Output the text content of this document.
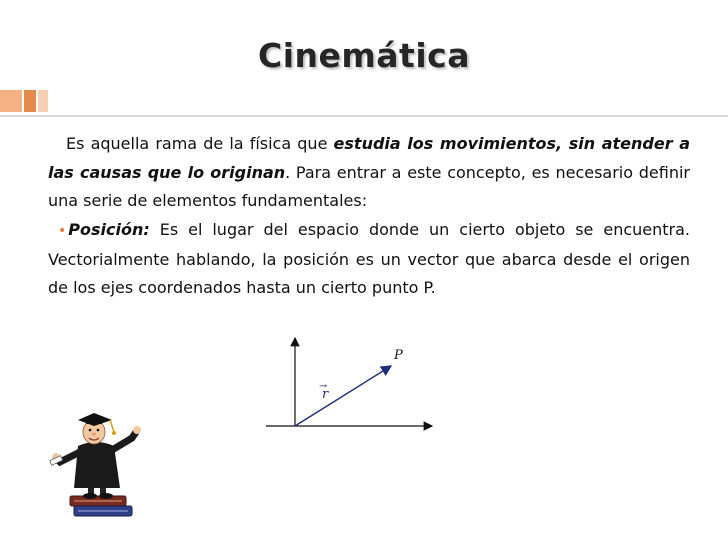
Cinemática
Es aquella rama de la física que estudia los movimientos, sin atender a las causas que lo originan. Para entrar a este concepto, es necesario definir una serie de elementos fundamentales:
• Posición: Es el lugar del espacio donde un cierto objeto se encuentra. Vectorialmente hablando, la posición es un vector que abarca desde el origen de los ejes coordenados hasta un cierto punto P.
P
→
r
